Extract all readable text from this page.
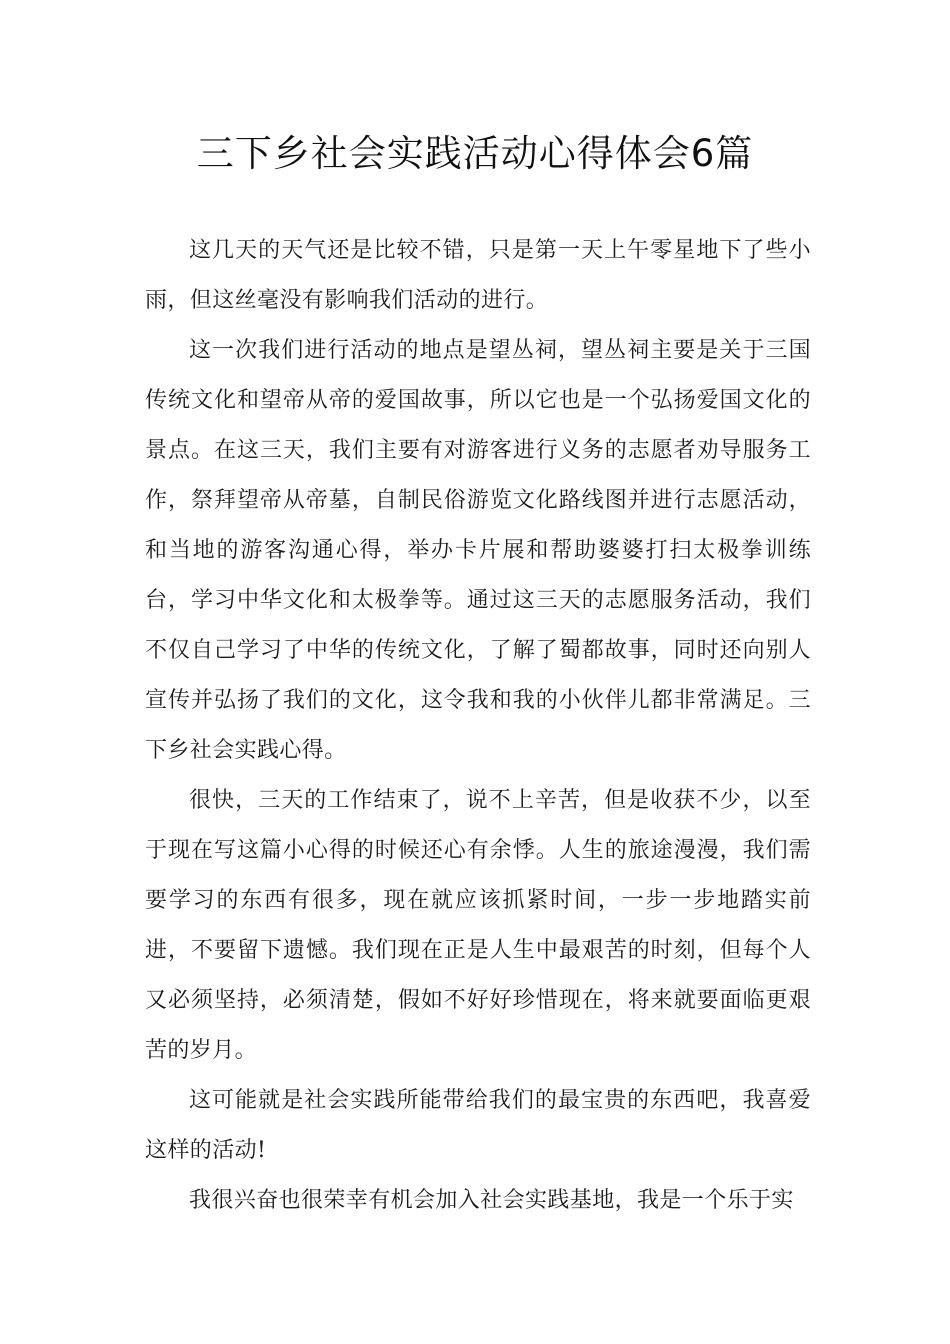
三下乡社会实践活动心得体会6篇

这几天的天气还是比较不错，只是第一天上午零星地下了些小雨，但这丝毫没有影响我们活动的进行。

这一次我们进行活动的地点是望丛祠，望丛祠主要是关于三国传统文化和望帝从帝的爱国故事，所以它也是一个弘扬爱国文化的景点。在这三天，我们主要有对游客进行义务的志愿者劝导服务工作，祭拜望帝从帝墓，自制民俗游览文化路线图并进行志愿活动，和当地的游客沟通心得，举办卡片展和帮助婆婆打扫太极拳训练台，学习中华文化和太极拳等。通过这三天的志愿服务活动，我们不仅自己学习了中华的传统文化，了解了蜀都故事，同时还向别人宣传并弘扬了我们的文化，这令我和我的小伙伴儿都非常满足。三下乡社会实践心得。

很快，三天的工作结束了，说不上辛苦，但是收获不少，以至于现在写这篇小心得的时候还心有余悸。人生的旅途漫漫，我们需要学习的东西有很多，现在就应该抓紧时间，一步一步地踏实前进，不要留下遗憾。我们现在正是人生中最艰苦的时刻，但每个人又必须坚持，必须清楚，假如不好好珍惜现在，将来就要面临更艰苦的岁月。

这可能就是社会实践所能带给我们的最宝贵的东西吧，我喜爱这样的活动!

我很兴奋也很荣幸有机会加入社会实践基地，我是一个乐于实
